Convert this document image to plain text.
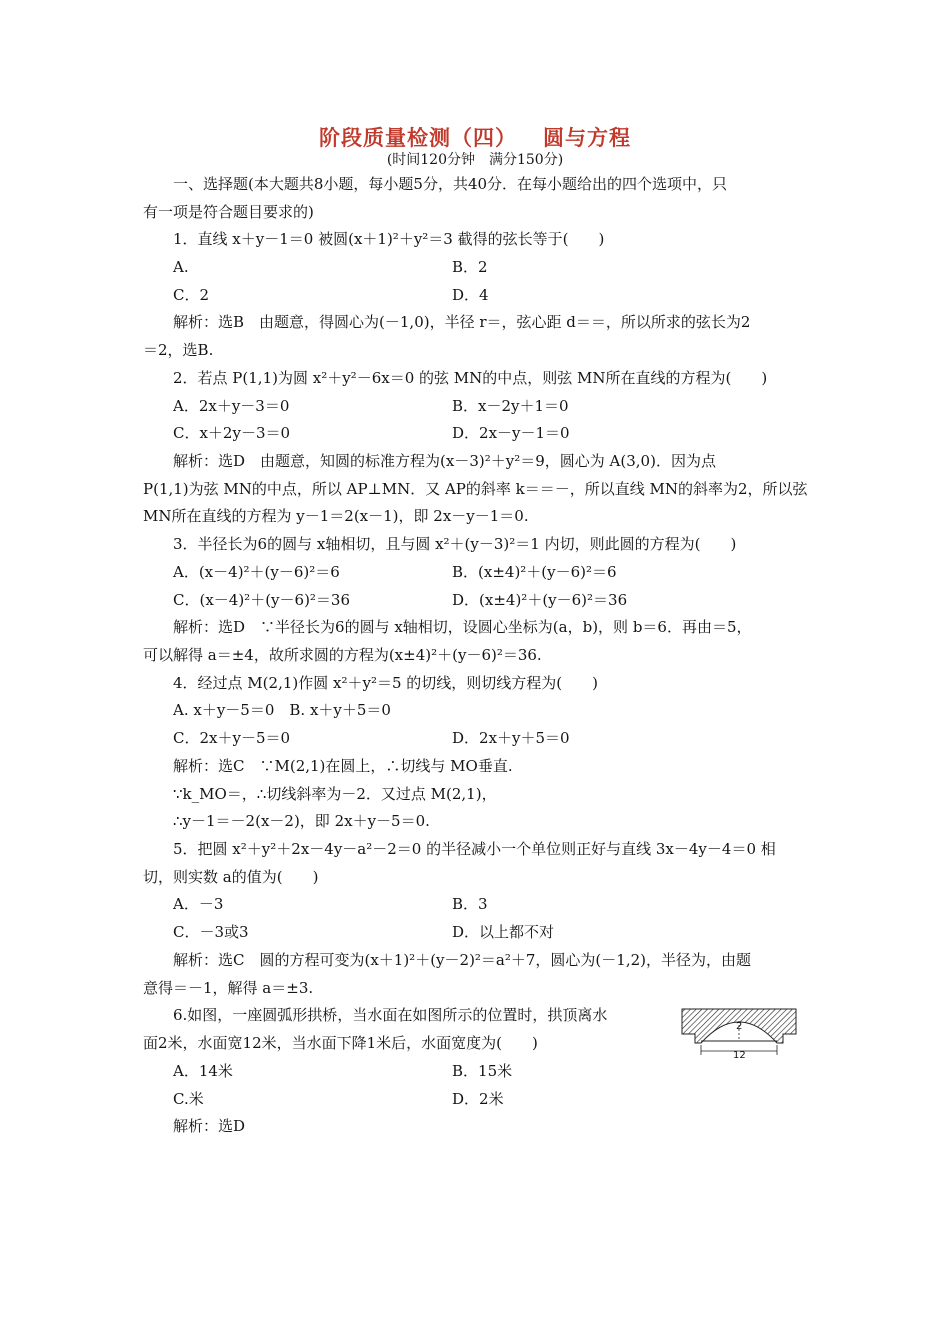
阶段质量检测（四） 圆与方程
(时间120分钟　满分150分)
一、选择题(本大题共8小题，每小题5分，共40分．在每小题给出的四个选项中，只
有一项是符合题目要求的)
1．直线 x＋y－1＝0 被圆(x＋1)²＋y²＝3 截得的弦长等于(　　)
A.	B．2
C．2	D．4
解析：选B　由题意，得圆心为(－1,0)，半径 r＝，弦心距 d＝＝，所以所求的弦长为2
＝2，选B.
2．若点 P(1,1)为圆 x²＋y²－6x＝0 的弦 MN的中点，则弦 MN所在直线的方程为(　　)
A．2x＋y－3＝0	B．x－2y＋1＝0
C．x＋2y－3＝0	D．2x－y－1＝0
解析：选D　由题意，知圆的标准方程为(x－3)²＋y²＝9，圆心为 A(3,0)．因为点
P(1,1)为弦 MN的中点，所以 AP⊥MN．又 AP的斜率 k＝＝－，所以直线 MN的斜率为2，所以弦
MN所在直线的方程为 y－1＝2(x－1)，即 2x－y－1＝0.
3．半径长为6的圆与 x轴相切，且与圆 x²＋(y－3)²＝1 内切，则此圆的方程为(　　)
A．(x－4)²＋(y－6)²＝6	B．(x±4)²＋(y－6)²＝6
C．(x－4)²＋(y－6)²＝36	D．(x±4)²＋(y－6)²＝36
解析：选D　∵半径长为6的圆与 x轴相切，设圆心坐标为(a，b)，则 b＝6．再由＝5，
可以解得 a＝±4，故所求圆的方程为(x±4)²＋(y－6)²＝36.
4．经过点 M(2,1)作圆 x²＋y²＝5 的切线，则切线方程为(　　)
A. x＋y－5＝0　B. x＋y＋5＝0
C．2x＋y－5＝0	D．2x＋y＋5＝0
解析：选C　∵M(2,1)在圆上，∴切线与 MO垂直.
∵k_MO＝，∴切线斜率为－2．又过点 M(2,1)，
∴y－1＝－2(x－2)，即 2x＋y－5＝0.
5．把圆 x²＋y²＋2x－4y－a²－2＝0 的半径减小一个单位则正好与直线 3x－4y－4＝0 相
切，则实数 a的值为(　　)
A．－3	B．3
C．－3或3	D．以上都不对
解析：选C　圆的方程可变为(x＋1)²＋(y－2)²＝a²＋7，圆心为(－1,2)，半径为，由题
意得＝－1，解得 a＝±3.
6.如图，一座圆弧形拱桥，当水面在如图所示的位置时，拱顶离水
面2米，水面宽12米，当水面下降1米后，水面宽度为(　　)
2
12
A．14米	B．15米
C.米	D．2米
解析：选D
